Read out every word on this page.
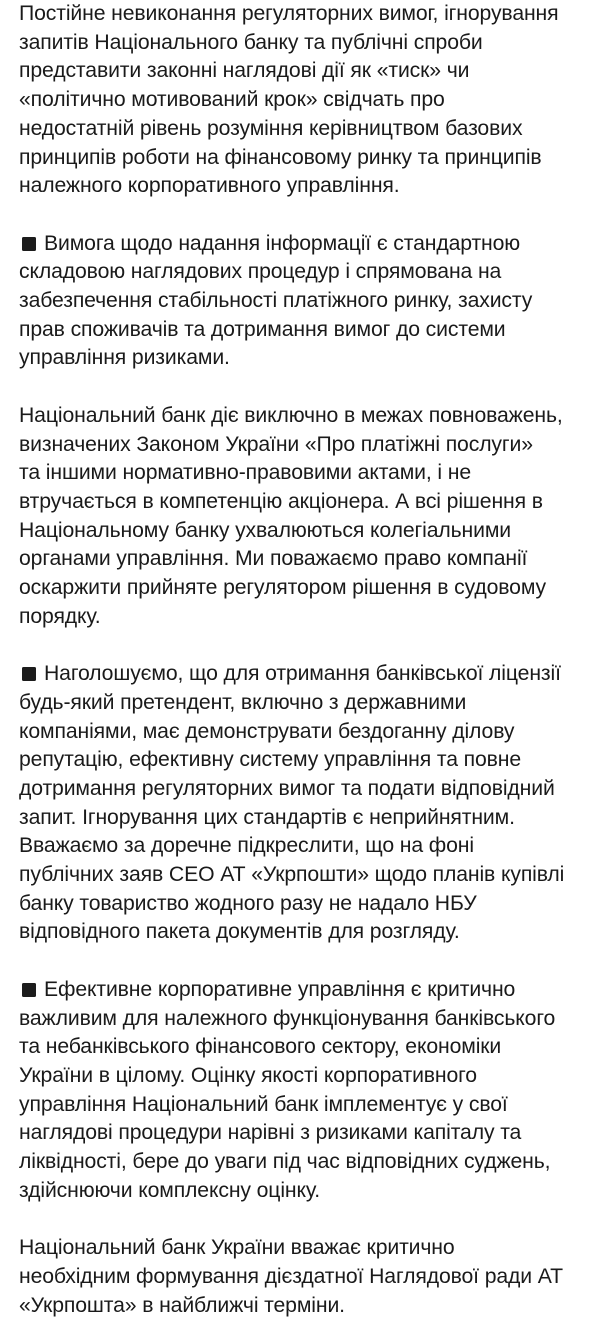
Постійне невиконання регуляторних вимог, ігнорування
запитів Національного банку та публічні спроби
представити законні наглядові дії як «тиск» чи
«політично мотивований крок» свідчать про
недостатній рівень розуміння керівництвом базових
принципів роботи на фінансовому ринку та принципів
належного корпоративного управління.
Вимога щодо надання інформації є стандартною
складовою наглядових процедур і спрямована на
забезпечення стабільності платіжного ринку, захисту
прав споживачів та дотримання вимог до системи
управління ризиками.
Національний банк діє виключно в межах повноважень,
визначених Законом України «Про платіжні послуги»
та іншими нормативно-правовими актами, і не
втручається в компетенцію акціонера. А всі рішення в
Національному банку ухвалюються колегіальними
органами управління. Ми поважаємо право компанії
оскаржити прийняте регулятором рішення в судовому
порядку.
Наголошуємо, що для отримання банківської ліцензії
будь-який претендент, включно з державними
компаніями, має демонструвати бездоганну ділову
репутацію, ефективну систему управління та повне
дотримання регуляторних вимог та подати відповідний
запит. Ігнорування цих стандартів є неприйнятним.
Вважаємо за доречне підкреслити, що на фоні
публічних заяв CEO АТ «Укрпошти» щодо планів купівлі
банку товариство жодного разу не надало НБУ
відповідного пакета документів для розгляду.
Ефективне корпоративне управління є критично
важливим для належного функціонування банківського
та небанківського фінансового сектору, економіки
України в цілому. Оцінку якості корпоративного
управління Національний банк імплементує у свої
наглядові процедури нарівні з ризиками капіталу та
ліквідності, бере до уваги під час відповідних суджень,
здійснюючи комплексну оцінку.
Національний банк України вважає критично
необхідним формування дієздатної Наглядової ради АТ
«Укрпошта» в найближчі терміни.
